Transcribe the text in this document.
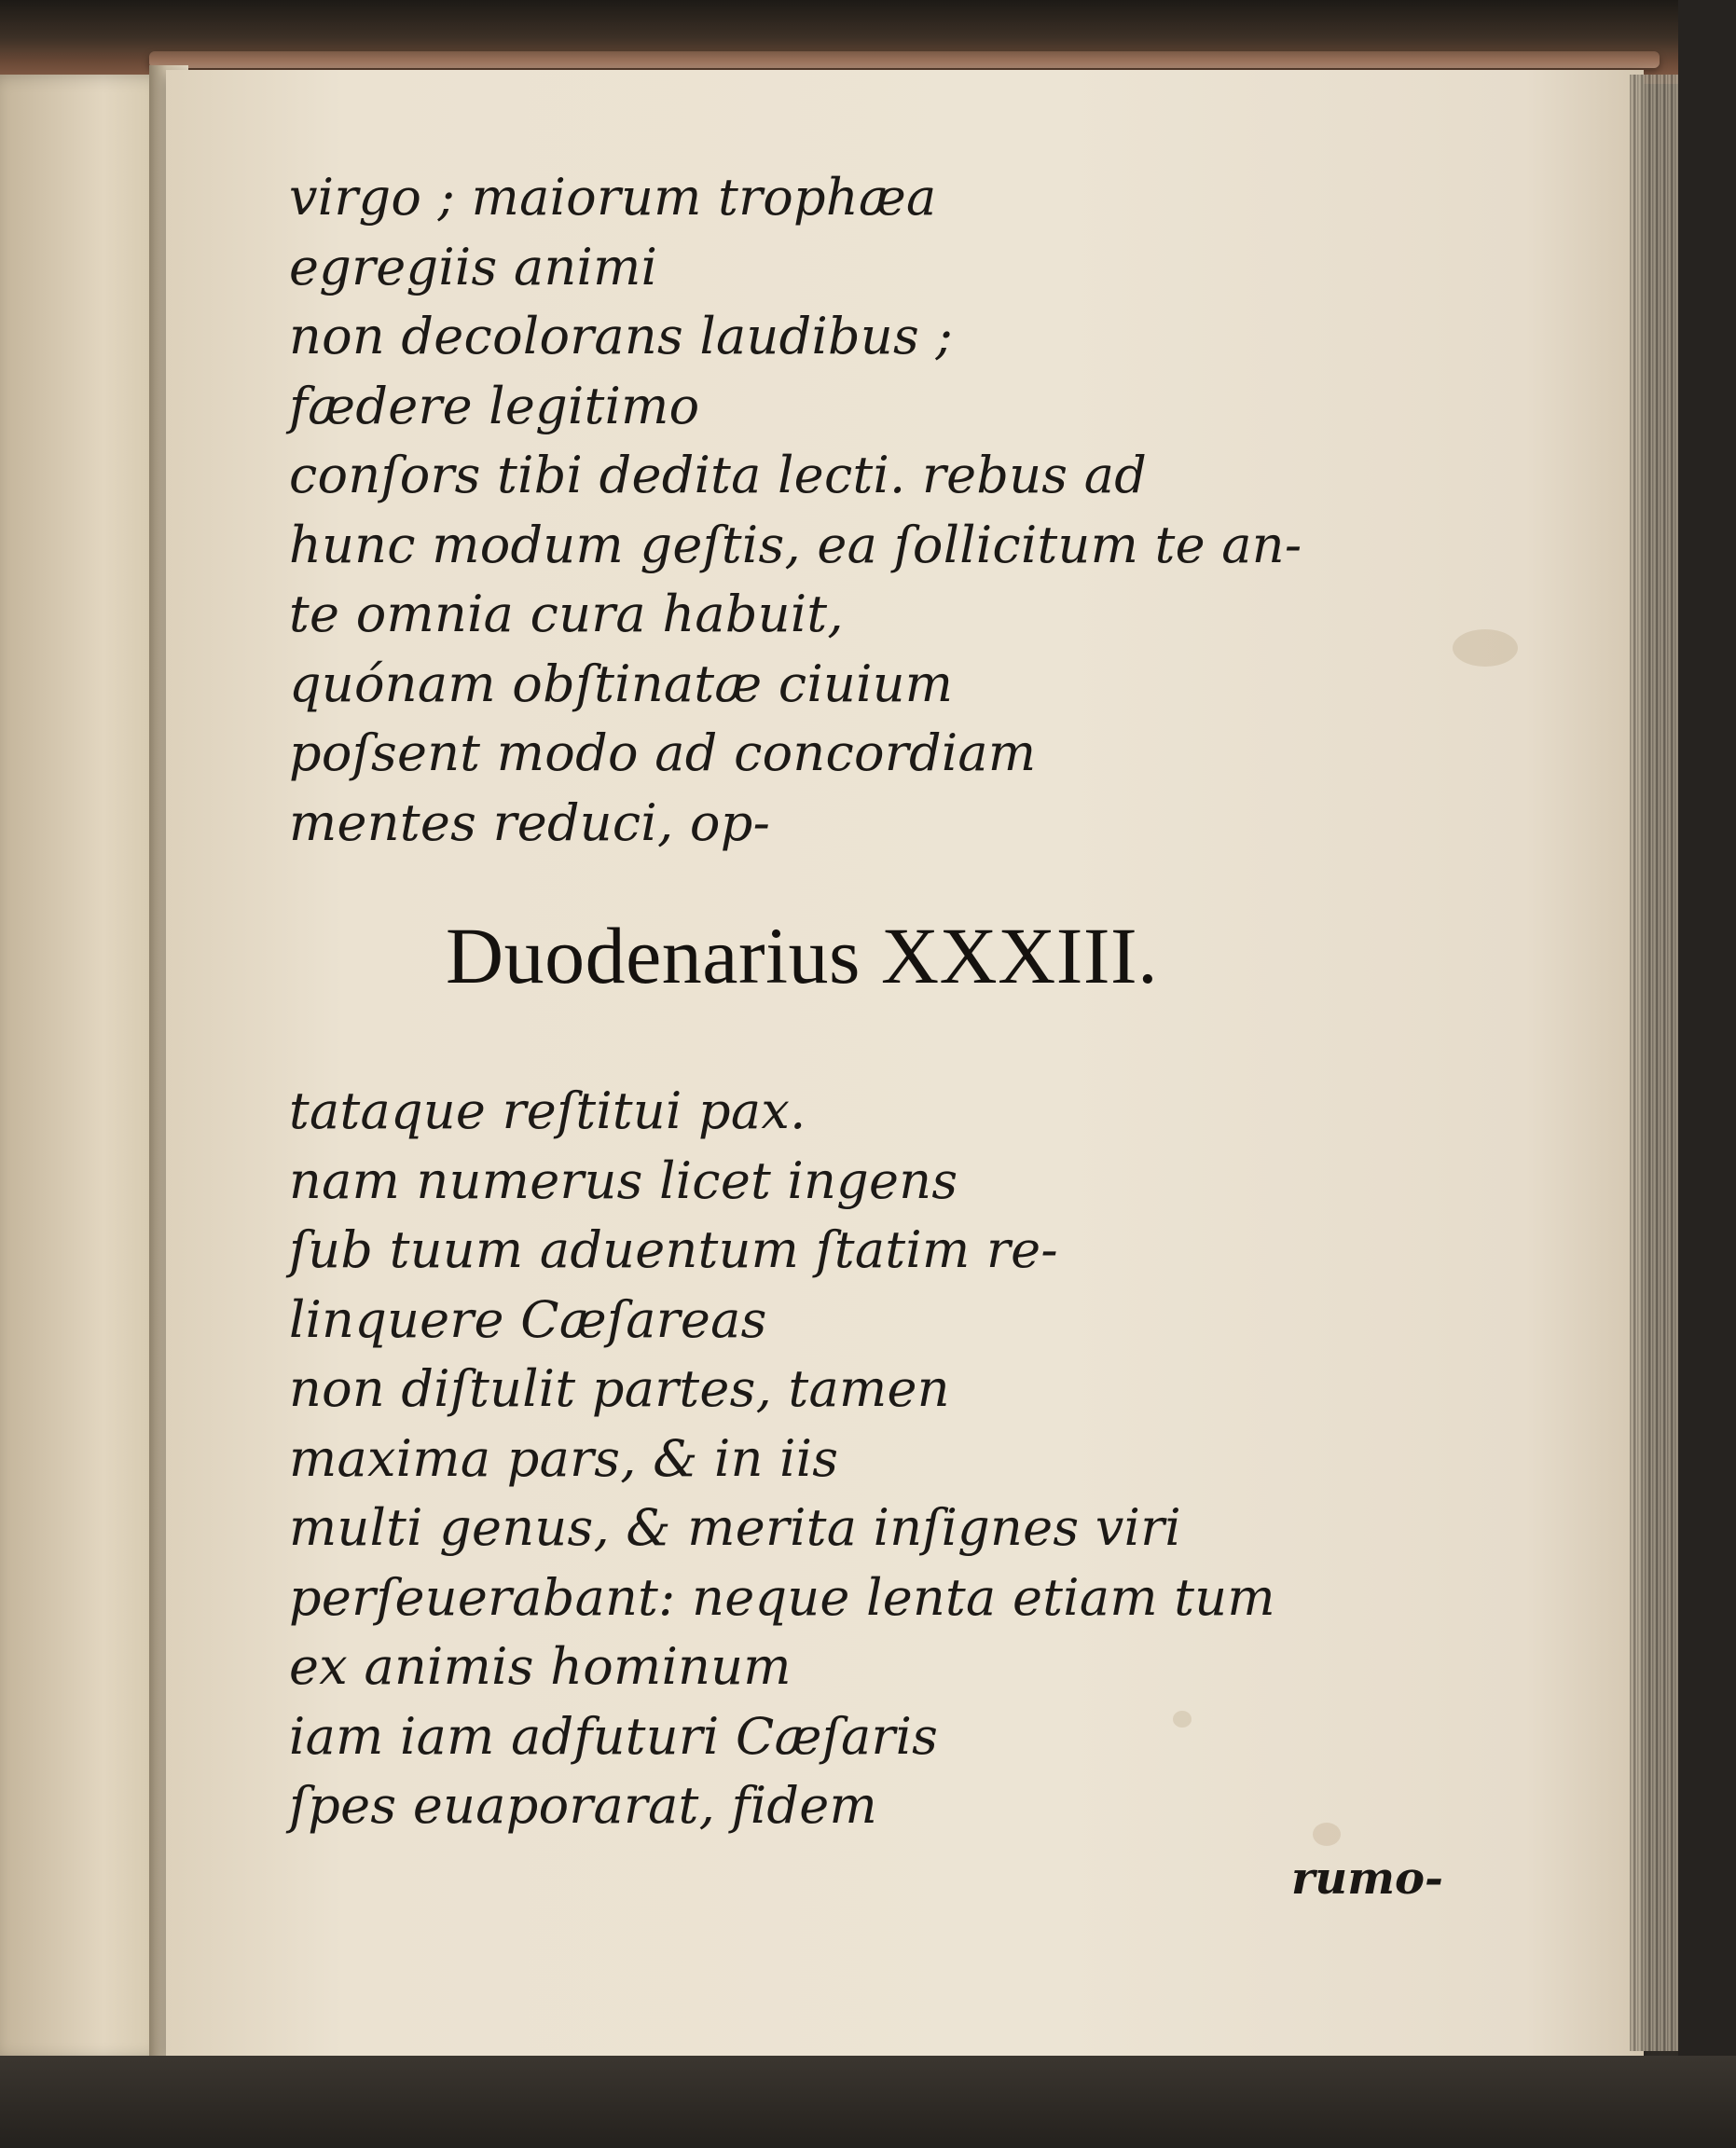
virgo ; maiorum trophæa
egregiis animi
non decolorans laudibus ;
fædere legitimo
conſors tibi dedita lecti. rebus ad
hunc modum geſtis, ea ſollicitum te an-
te omnia cura habuit,
quónam obſtinatæ ciuium
poſsent modo ad concordiam
mentes reduci, op-
Duodenarius XXXIII.
tataque reſtitui pax.
nam numerus licet ingens
ſub tuum aduentum ſtatim re-
linquere Cæſareas
non diſtulit partes, tamen
maxima pars, & in iis
multi genus, & merita inſignes viri
perſeuerabant: neque lenta etiam tum
ex animis hominum
iam iam adfuturi Cæſaris
ſpes euaporarat, fidem
rumo-
